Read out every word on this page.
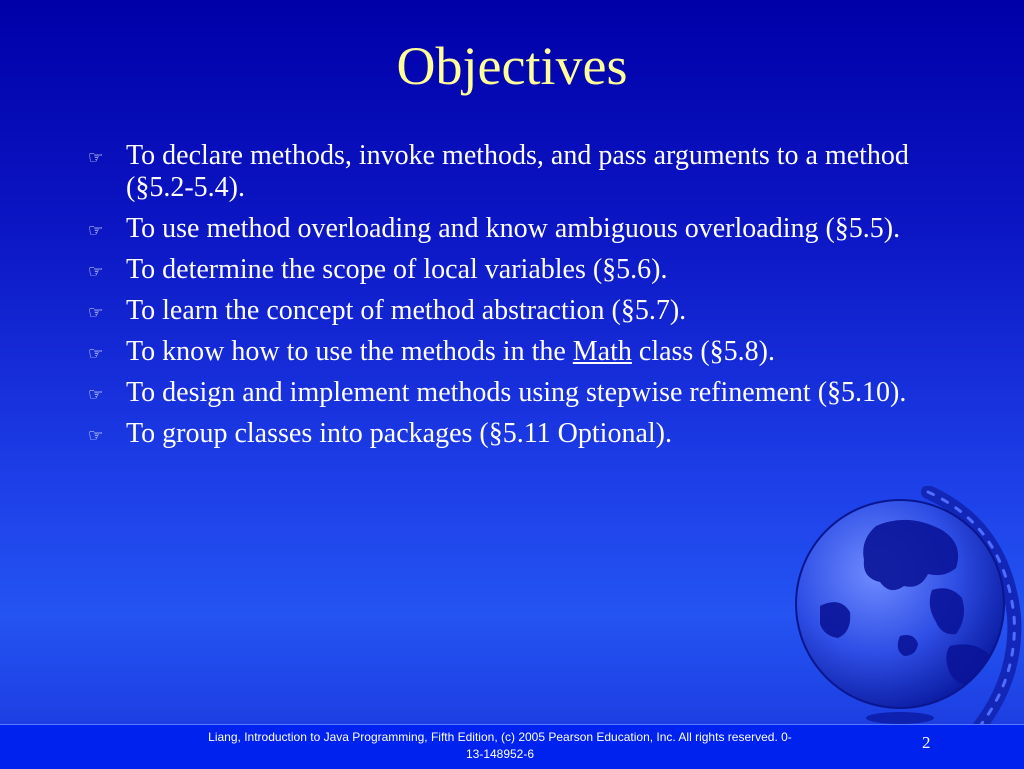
Objectives
☞ To declare methods, invoke methods, and pass arguments to a method (§5.2-5.4).
☞ To use method overloading and know ambiguous overloading (§5.5).
☞ To determine the scope of local variables (§5.6).
☞ To learn the concept of method abstraction (§5.7).
☞ To know how to use the methods in the Math class (§5.8).
☞ To design and implement methods using stepwise refinement (§5.10).
☞ To group classes into packages (§5.11 Optional).
Liang, Introduction to Java Programming, Fifth Edition, (c) 2005 Pearson Education, Inc. All rights reserved. 0-13-148952-6
2
